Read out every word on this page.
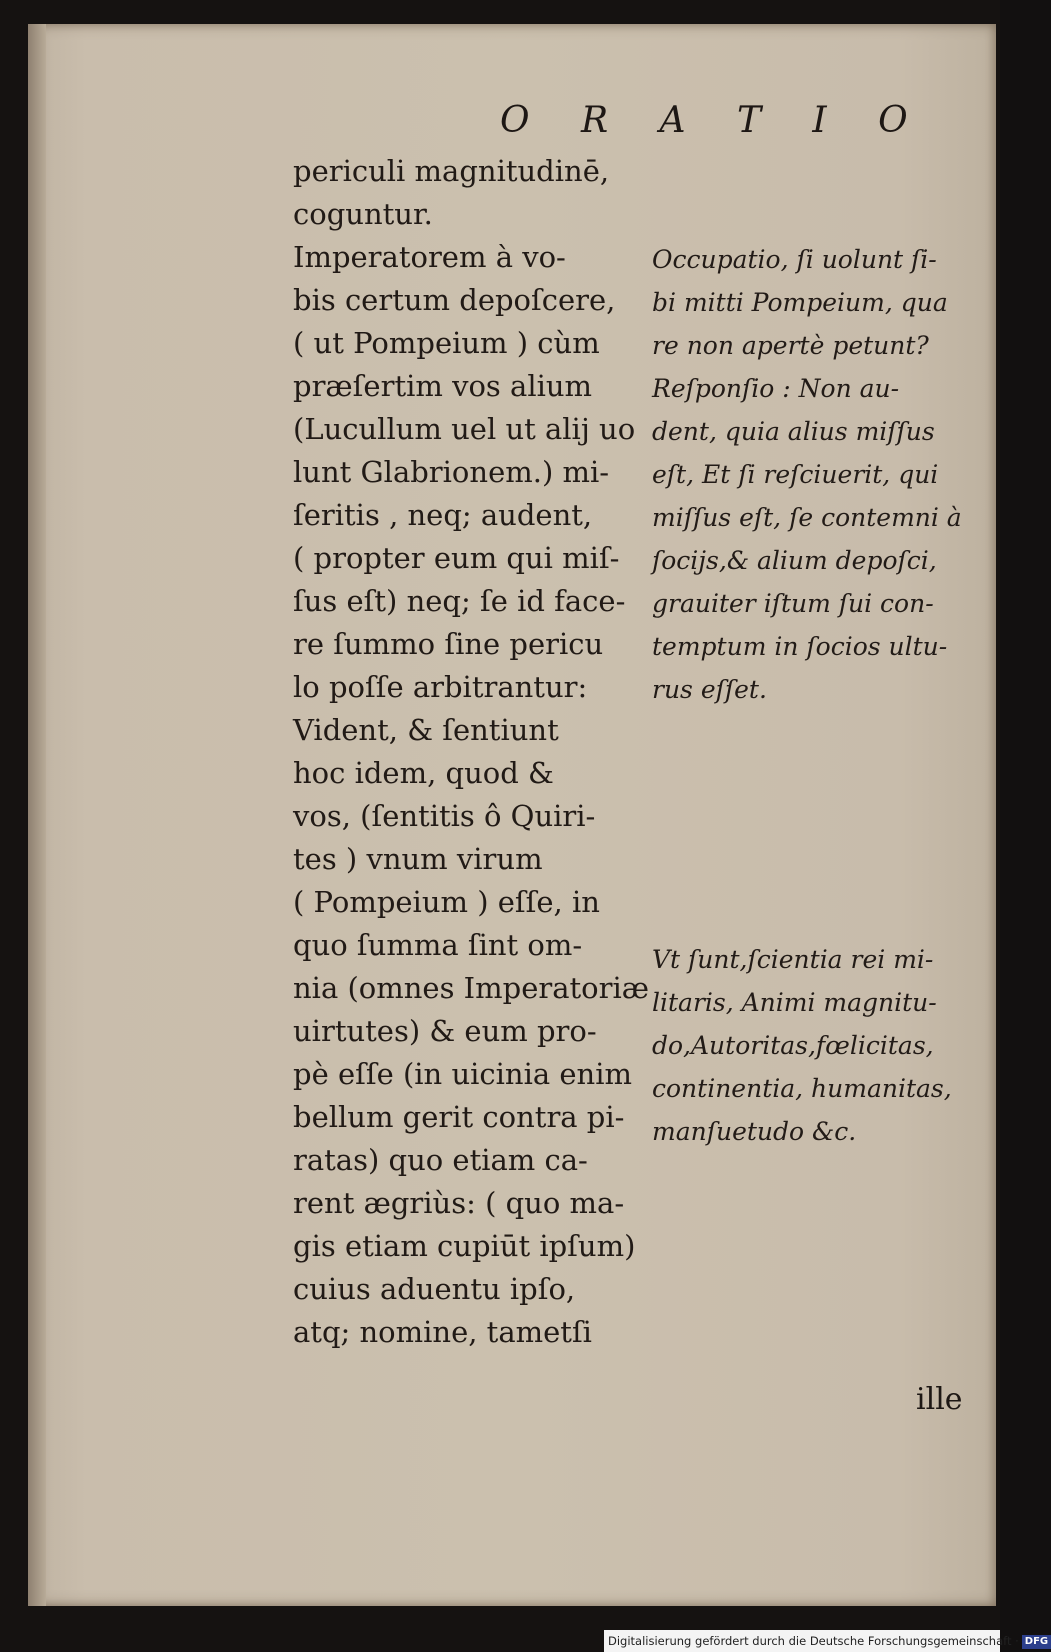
O R A T I O
periculi magnitudinē,
coguntur.
Imperatorem à vo-
bis certum depoſcere,
( ut Pompeium ) cùm
præſertim vos alium
(Lucullum uel ut alij uo
lunt Glabrionem.) mi-
ſeritis , neq; audent,
( propter eum qui miſ-
ſus eſt) neq; ſe id face-
re ſummo ſine pericu
lo poſſe arbitrantur:
Vident, & ſentiunt
hoc idem, quod &
vos, (ſentitis ô Quiri-
tes ) vnum virum
( Pompeium ) eſſe, in
quo ſumma ſint om-
nia (omnes Imperatoriæ
uirtutes) & eum pro-
pè eſſe (in uicinia enim
bellum gerit contra pi-
ratas) quo etiam ca-
rent ægriùs: ( quo ma-
gis etiam cupiūt ipſum)
cuius aduentu ipſo,
atq; nomine, tametſi
Occupatio, ſi uolunt ſi-
bi mitti Pompeium, qua
re non apertè petunt?
Reſponſio : Non au-
dent, quia alius miſſus
eſt, Et ſi reſciuerit, qui
miſſus eſt, ſe contemni à
ſocijs,& alium depoſci,
grauiter iſtum ſui con-
temptum in ſocios ultu-
rus eſſet.
Vt ſunt,ſcientia rei mi-
litaris, Animi magnitu-
do,Autoritas,fœlicitas,
continentia, humanitas,
manſuetudo &c.
ille
Digitalisierung gefördert durch die Deutsche Forschungsgemeinschaft · DFG
